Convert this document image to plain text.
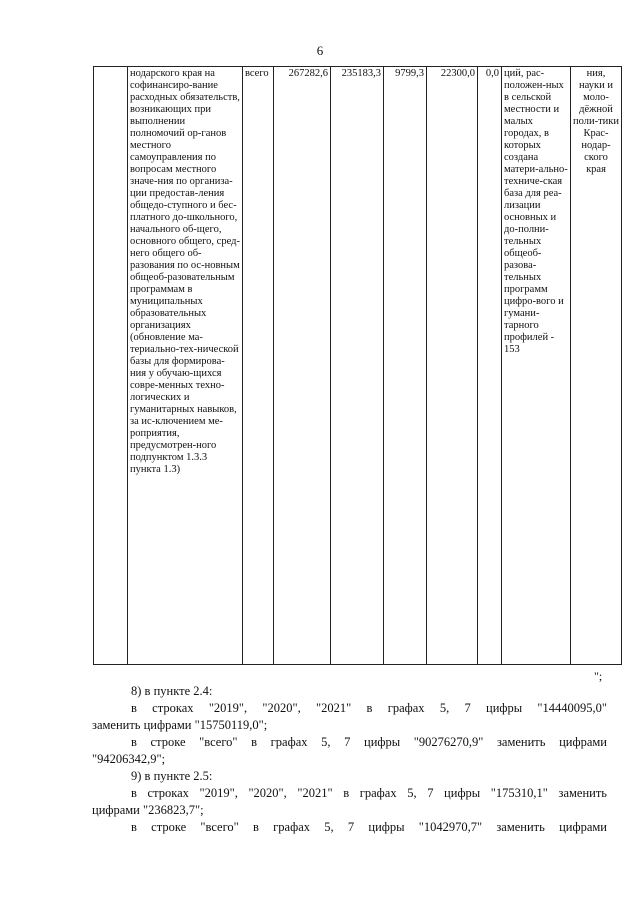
6
	нодарского края на софинансиро-вание расходных обязательств, возникающих при выполнении полномочий ор-ганов местного самоуправления по вопросам местного значе-ния по организа-ции предостав-ления общедо-ступного и бес-платного до-школьного, начального об-щего, основного общего, сред-него общего об-разования по ос-новным общеоб-разовательным программам в муниципальных образовательных организациях (обновление ма-териально-тех-нической базы для формирова-ния у обучаю-щихся совре-менных техно-логических и гуманитарных навыков, за ис-ключением ме-роприятия, предусмотрен-ного подпунктом 1.3.3 пункта 1.3)	всего	267282,6	235183,3	9799,3	22300,0	0,0	ций, рас-положен-ных в сельской местности и малых городах, в которых создана матери-ально-техниче-ская база для реа-лизации основных и до-полни-тельных общеоб-разова-тельных программ цифро-вого и гумани-тарного профилей - 153	ния, науки и моло-дёжной поли-тики Крас-нодар-ского края
";

8) в пункте 2.4:

в строках "2019", "2020", "2021" в графах 5, 7 цифры "14440095,0"

заменить цифрами "15750119,0";

в строке "всего" в графах 5, 7 цифры "90276270,9" заменить цифрами

"94206342,9";

9) в пункте 2.5:

в строках "2019", "2020", "2021" в графах 5, 7 цифры "175310,1" заменить

цифрами "236823,7";

в строке "всего" в графах 5, 7 цифры "1042970,7" заменить цифрами
